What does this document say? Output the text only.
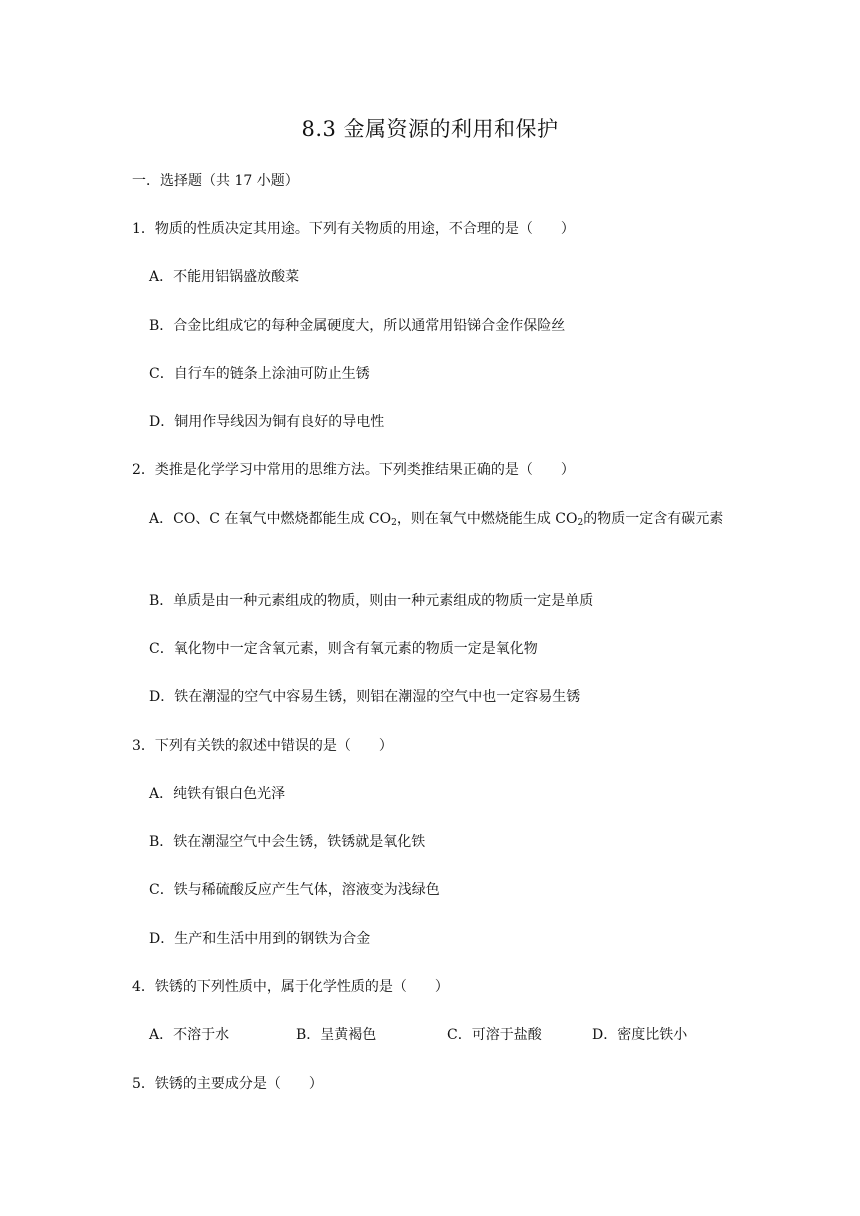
8.3 金属资源的利用和保护
一．选择题（共 17 小题）
1．物质的性质决定其用途。下列有关物质的用途，不合理的是（　　）
A．不能用铝锅盛放酸菜
B．合金比组成它的每种金属硬度大，所以通常用铅锑合金作保险丝
C．自行车的链条上涂油可防止生锈
D．铜用作导线因为铜有良好的导电性
2．类推是化学学习中常用的思维方法。下列类推结果正确的是（　　）
A．CO、C 在氧气中燃烧都能生成 $CO_2$，则在氧气中燃烧能生成 $CO_2$的物质一定含有碳元素
B．单质是由一种元素组成的物质，则由一种元素组成的物质一定是单质
C．氧化物中一定含氧元素，则含有氧元素的物质一定是氧化物
D．铁在潮湿的空气中容易生锈，则铝在潮湿的空气中也一定容易生锈
3．下列有关铁的叙述中错误的是（　　）
A．纯铁有银白色光泽
B．铁在潮湿空气中会生锈，铁锈就是氧化铁
C．铁与稀硫酸反应产生气体，溶液变为浅绿色
D．生产和生活中用到的钢铁为合金
4．铁锈的下列性质中，属于化学性质的是（　　）
A．不溶于水	B．呈黄褐色	C．可溶于盐酸	D．密度比铁小
5．铁锈的主要成分是（　　）
